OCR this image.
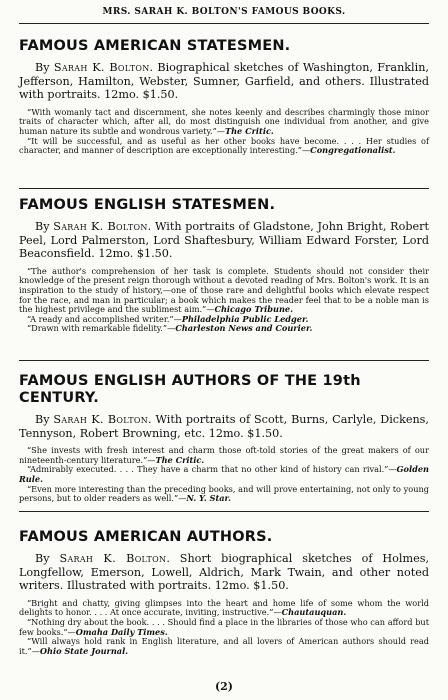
MRS. SARAH K. BOLTON'S FAMOUS BOOKS.
FAMOUS AMERICAN STATESMEN.

By Sarah K. Bolton. Biographical sketches of Washington, Franklin, Jefferson, Hamilton, Webster, Sumner, Garfield, and others. Illustrated with portraits. 12mo. $1.50.

“With womanly tact and discernment, she notes keenly and describes charmingly those minor traits of character which, after all, do most distinguish one individual from another, and give human nature its subtle and wondrous variety.”—The Critic.

“It will be successful, and as useful as her other books have become. . . . Her studies of character, and manner of description are exceptionally interesting.”—Congregationalist.

FAMOUS ENGLISH STATESMEN.

By Sarah K. Bolton. With portraits of Gladstone, John Bright, Robert Peel, Lord Palmerston, Lord Shaftesbury, William Edward Forster, Lord Beaconsfield. 12mo. $1.50.

“The author's comprehension of her task is complete. Students should not consider their knowledge of the present reign thorough without a devoted reading of Mrs. Bolton's work. It is an inspiration to the study of history,—one of those rare and delightful books which elevate respect for the race, and man in particular; a book which makes the reader feel that to be a noble man is the highest privilege and the sublimest aim.”—Chicago Tribune.

“A ready and accomplished writer.”—Philadelphia Public Ledger.

“Drawn with remarkable fidelity.”—Charleston News and Courier.

FAMOUS ENGLISH AUTHORS OF THE 19th CENTURY.

By Sarah K. Bolton. With portraits of Scott, Burns, Carlyle, Dickens, Tennyson, Robert Browning, etc. 12mo. $1.50.

“She invests with fresh interest and charm those oft-told stories of the great makers of our nineteenth-century literature.”—The Critic.

“Admirably executed. . . . They have a charm that no other kind of history can rival.”—Golden Rule.

“Even more interesting than the preceding books, and will prove entertaining, not only to young persons, but to older readers as well.”—N. Y. Star.

FAMOUS AMERICAN AUTHORS.

By Sarah K. Bolton. Short biographical sketches of Holmes, Longfellow, Emerson, Lowell, Aldrich, Mark Twain, and other noted writers. Illustrated with portraits. 12mo. $1.50.

“Bright and chatty, giving glimpses into the heart and home life of some whom the world delights to honor. . . . At once accurate, inviting, instructive.”—Chautauquan.

“Nothing dry about the book. . . . Should find a place in the libraries of those who can afford but few books.”—Omaha Daily Times.

“Will always hold rank in English literature, and all lovers of American authors should read it.”—Ohio State Journal.

(2)
